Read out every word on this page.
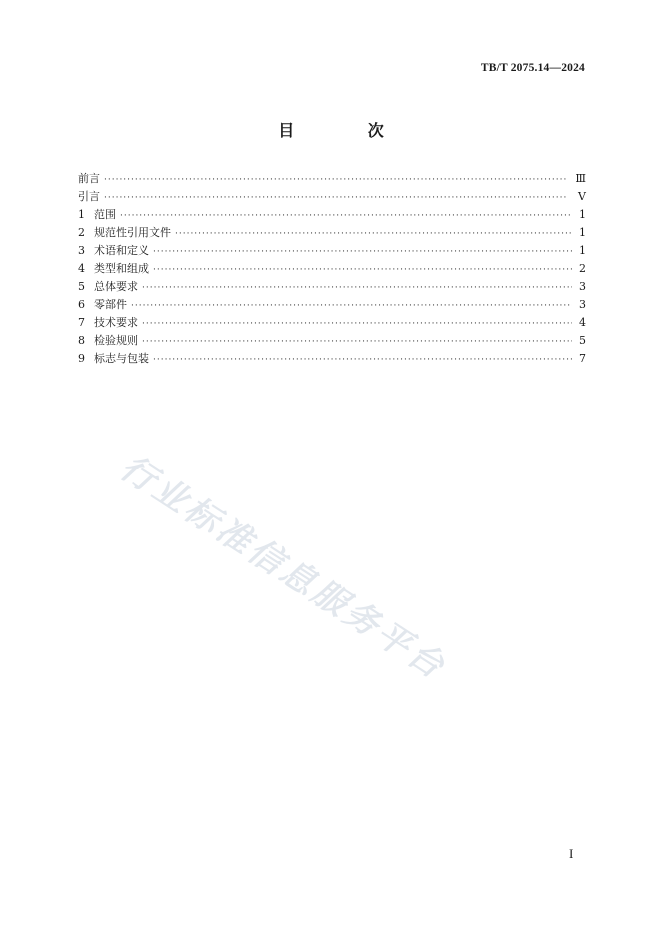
TB/T 2075.14—2024
目 次
前言 ·····	Ⅲ
引言 ·····	Ⅴ
1 范围 ·····	1
2 规范性引用文件 ·····	1
3 术语和定义 ·····	1
4 类型和组成 ·····	2
5 总体要求 ·····	3
6 零部件 ·····	3
7 技术要求 ·····	4
8 检验规则 ·····	5
9 标志与包装 ·····	7
行业标准信息服务平台
I
